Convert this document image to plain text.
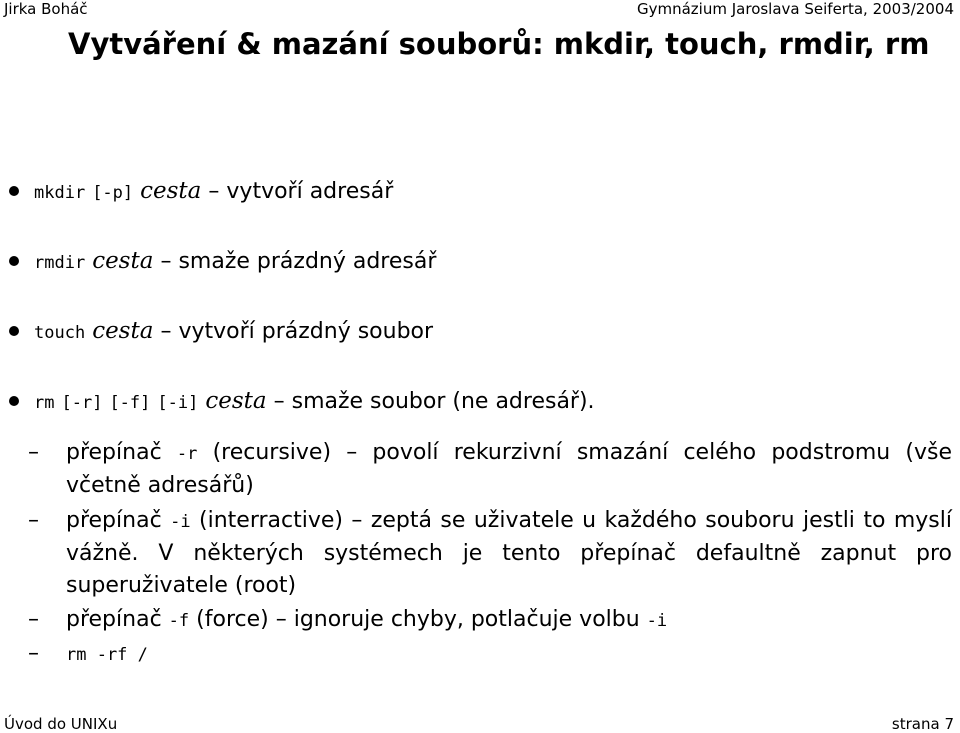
Jirka Boháč	Gymnázium Jaroslava Seiferta, 2003/2004
Vytváření & mazání souborů: mkdir, touch, rmdir, rm
mkdir [-p] cesta – vytvoří adresář
rmdir cesta – smaže prázdný adresář
touch cesta – vytvoří prázdný soubor
rm [-r] [-f] [-i] cesta – smaže soubor (ne adresář).
– přepínač -r (recursive) – povolí rekurzivní smazání celého podstromu (vše včetně adresářů)
– přepínač -i (interractive) – zeptá se uživatele u každého souboru jestli to myslí vážně. V některých systémech je tento přepínač defaultně zapnut pro superuživatele (root)
– přepínač -f (force) – ignoruje chyby, potlačuje volbu -i
– rm -rf /
Úvod do UNIXu	strana 7
